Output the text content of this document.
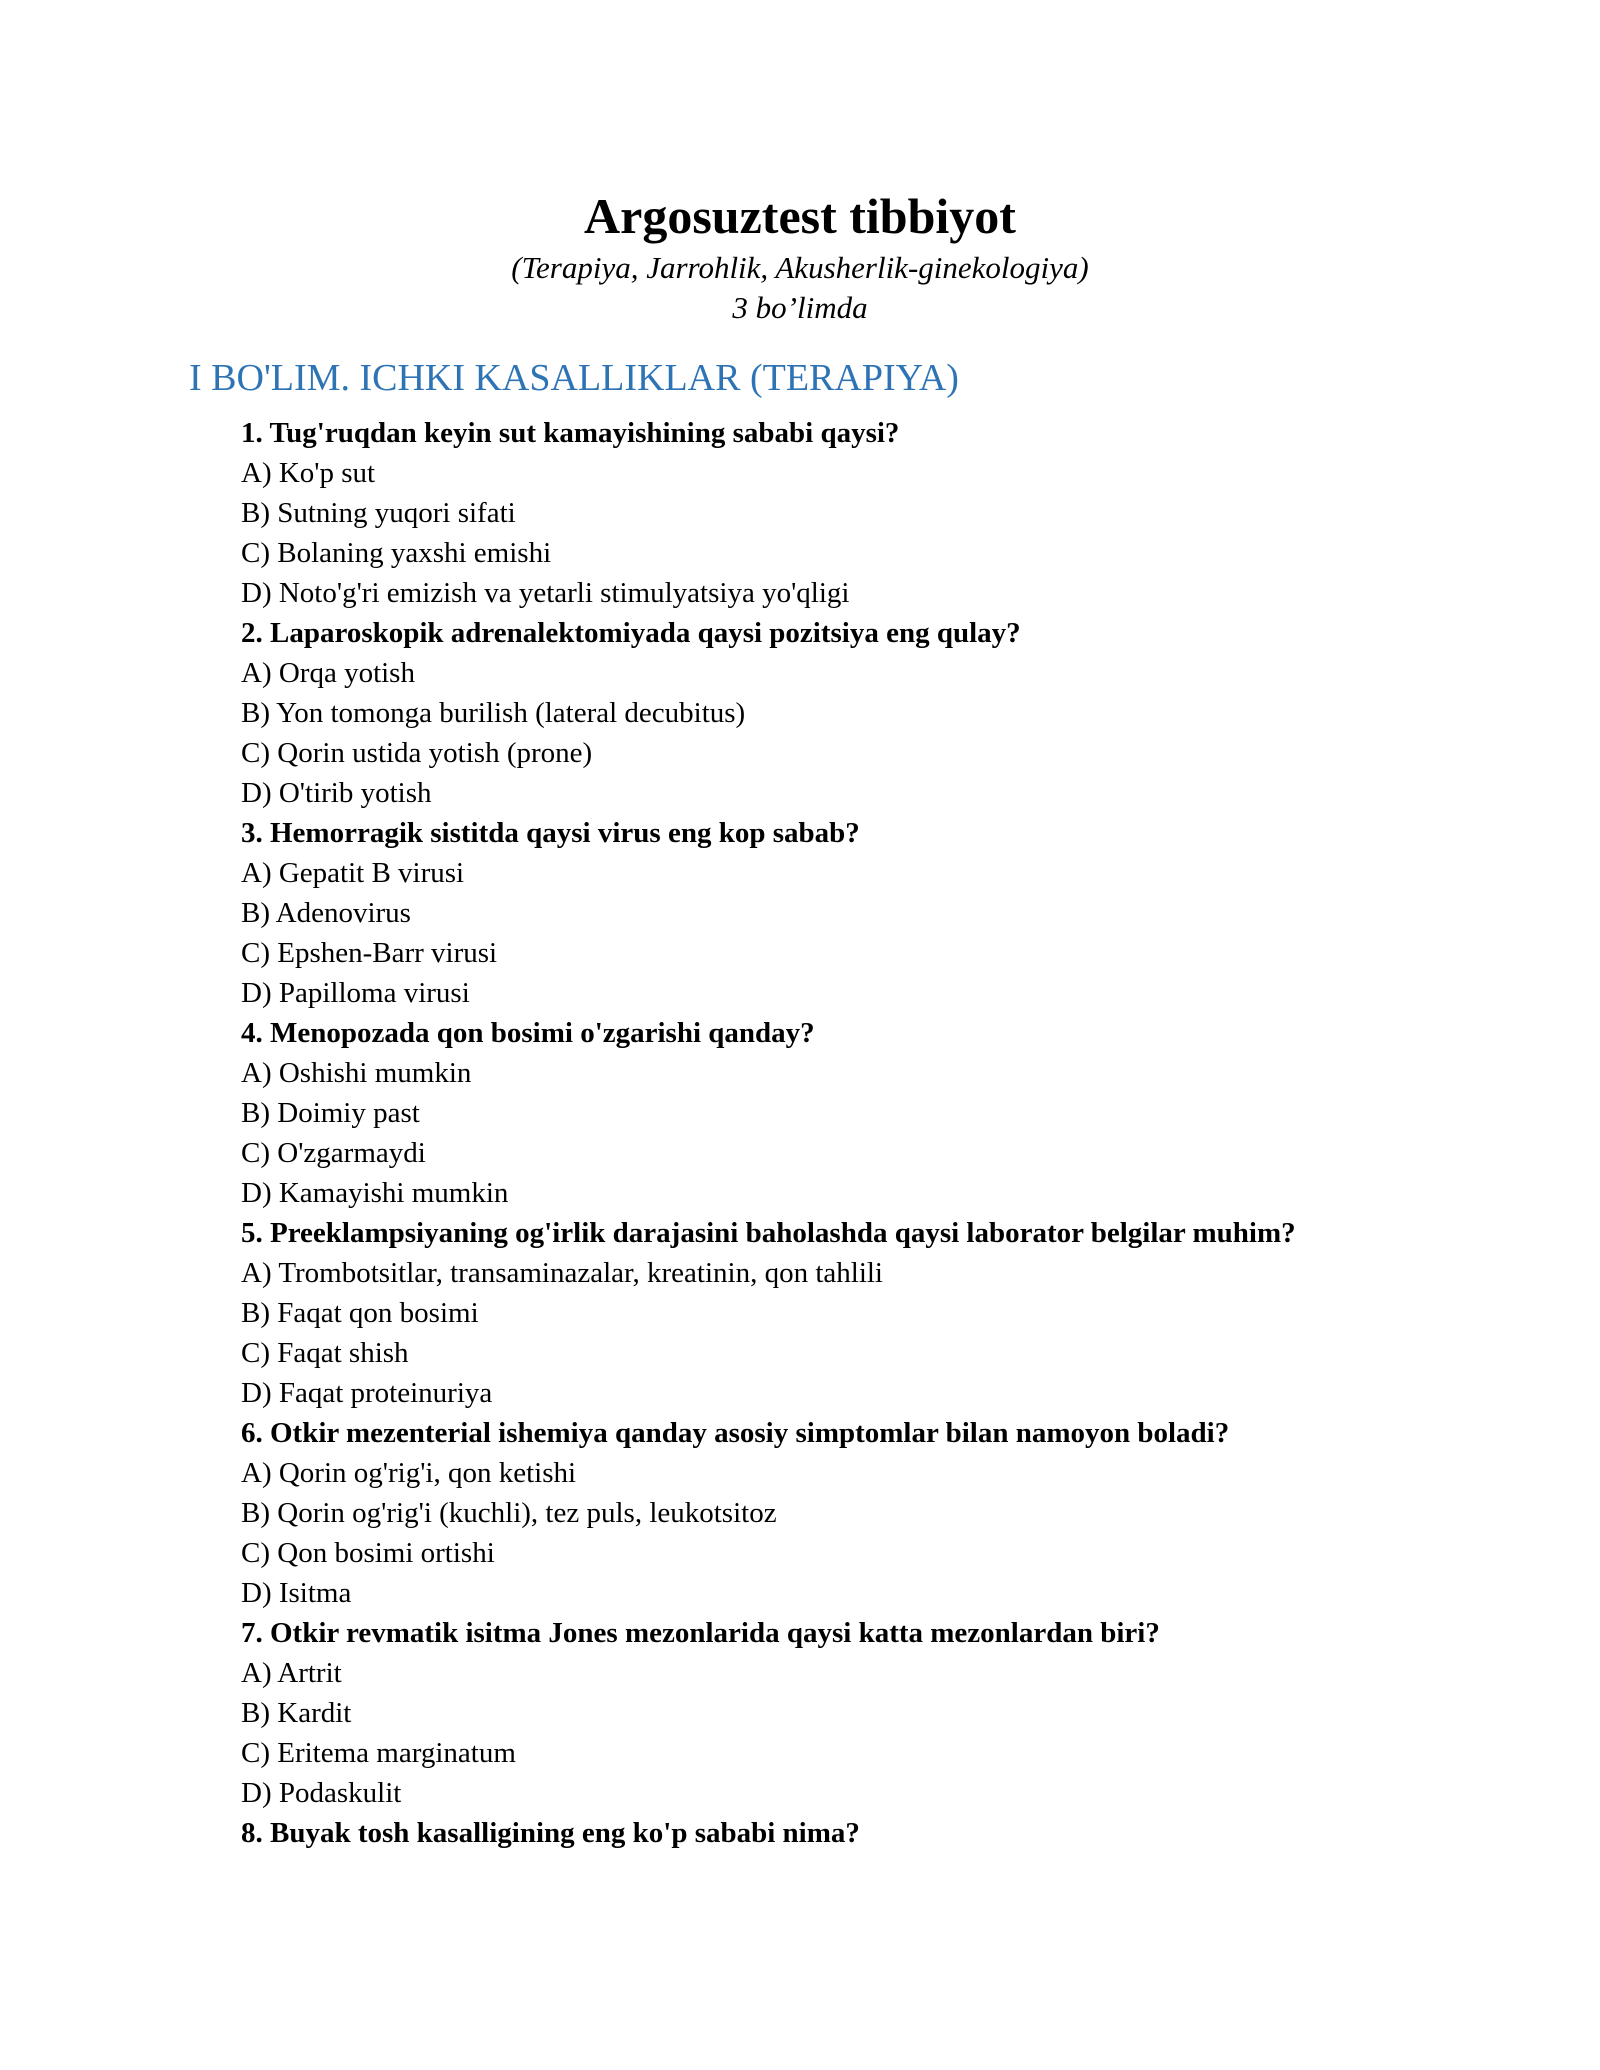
Argosuztest tibbiyot
(Terapiya, Jarrohlik, Akusherlik-ginekologiya)
3 bo’limda
I BO'LIM. ICHKI KASALLIKLAR (TERAPIYA)
1. Tug'ruqdan keyin sut kamayishining sababi qaysi?
A) Ko'p sut
B) Sutning yuqori sifati
C) Bolaning yaxshi emishi
D) Noto'g'ri emizish va yetarli stimulyatsiya yo'qligi
2. Laparoskopik adrenalektomiyada qaysi pozitsiya eng qulay?
A) Orqa yotish
B) Yon tomonga burilish (lateral decubitus)
C) Qorin ustida yotish (prone)
D) O'tirib yotish
3. Hemorragik sistitda qaysi virus eng kop sabab?
A) Gepatit B virusi
B) Adenovirus
C) Epshen-Barr virusi
D) Papilloma virusi
4. Menopozada qon bosimi o'zgarishi qanday?
A) Oshishi mumkin
B) Doimiy past
C) O'zgarmaydi
D) Kamayishi mumkin
5. Preeklampsiyaning og'irlik darajasini baholashda qaysi laborator belgilar muhim?
A) Trombotsitlar, transaminazalar, kreatinin, qon tahlili
B) Faqat qon bosimi
C) Faqat shish
D) Faqat proteinuriya
6. Otkir mezenterial ishemiya qanday asosiy simptomlar bilan namoyon boladi?
A) Qorin og'rig'i, qon ketishi
B) Qorin og'rig'i (kuchli), tez puls, leukotsitoz
C) Qon bosimi ortishi
D) Isitma
7. Otkir revmatik isitma Jones mezonlarida qaysi katta mezonlardan biri?
A) Artrit
B) Kardit
C) Eritema marginatum
D) Podaskulit
8. Buyak tosh kasalligining eng ko'p sababi nima?
